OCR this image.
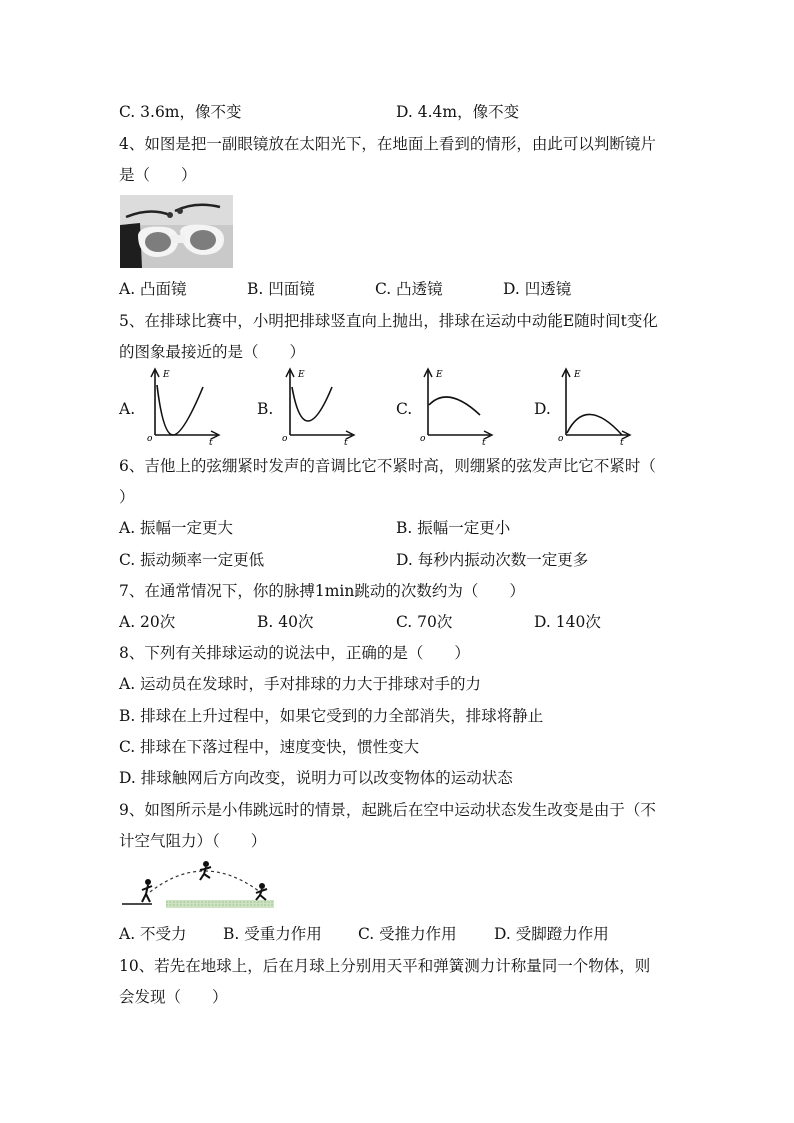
C. 3.6m，像不变	D. 4.4m，像不变
4、如图是把一副眼镜放在太阳光下，在地面上看到的情形，由此可以判断镜片
是（　　）
A. 凸面镜	B. 凹面镜	C. 凸透镜	D. 凹透镜
5、在排球比赛中，小明把排球竖直向上抛出，排球在运动中动能E随时间t变化
的图象最接近的是（　　）
A.	B.	C.	D.
E
o	t
E
o	t
E
o	t
E
o	t
6、吉他上的弦绷紧时发声的音调比它不紧时高，则绷紧的弦发声比它不紧时（
）
A. 振幅一定更大	B. 振幅一定更小
C. 振动频率一定更低	D. 每秒内振动次数一定更多
7、在通常情况下，你的脉搏1min跳动的次数约为（　　）
A. 20次	B. 40次	C. 70次	D. 140次
8、下列有关排球运动的说法中，正确的是（　　）
A. 运动员在发球时，手对排球的力大于排球对手的力
B. 排球在上升过程中，如果它受到的力全部消失，排球将静止
C. 排球在下落过程中，速度变快，惯性变大
D. 排球触网后方向改变，说明力可以改变物体的运动状态
9、如图所示是小伟跳远时的情景，起跳后在空中运动状态发生改变是由于（不
计空气阻力）（　　）
A. 不受力 B. 受重力作用 C. 受推力作用 D. 受脚蹬力作用
10、若先在地球上，后在月球上分别用天平和弹簧测力计称量同一个物体，则
会发现（　　）
